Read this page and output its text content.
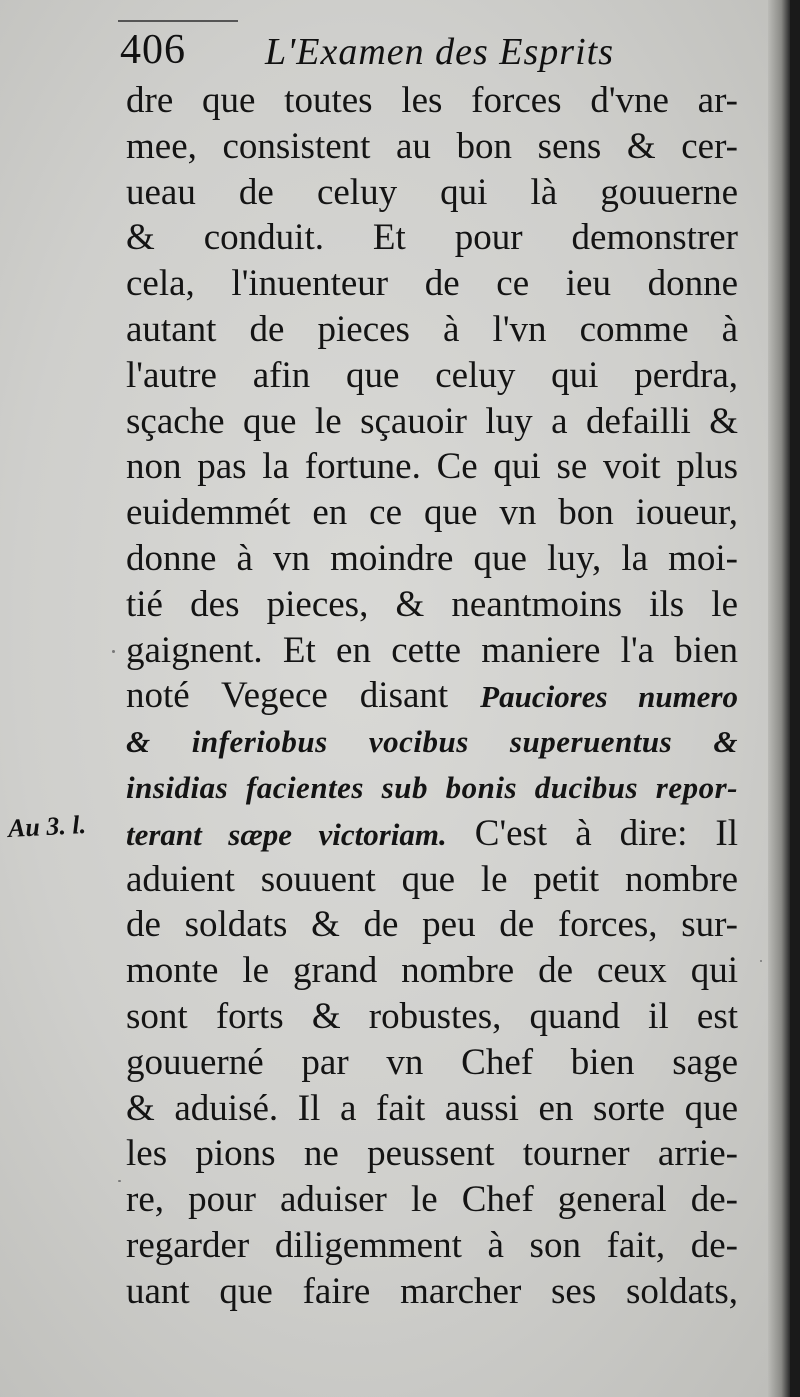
406 L'Examen des Esprits
Au 3. l.
dre que toutes les forces d'vne ar-
mee, consistent au bon sens & cer-
ueau de celuy qui là gouuerne
& conduit. Et pour demonstrer
cela, l'inuenteur de ce ieu donne
autant de pieces à l'vn comme à
l'autre afin que celuy qui perdra,
sçache que le sçauoir luy a defailli &
non pas la fortune. Ce qui se voit plus
euidemmét en ce que vn bon ioueur,
donne à vn moindre que luy, la moi-
tié des pieces, & neantmoins ils le
gaignent. Et en cette maniere l'a bien
noté Vegece disant Pauciores numero
& inferiobus vocibus superuentus &
insidias facientes sub bonis ducibus repor-
terant sæpe victoriam. C'est à dire: Il
aduient souuent que le petit nombre
de soldats & de peu de forces, sur-
monte le grand nombre de ceux qui
sont forts & robustes, quand il est
gouuerné par vn Chef bien sage
& aduisé. Il a fait aussi en sorte que
les pions ne peussent tourner arrie-
re, pour aduiser le Chef general de-
regarder diligemment à son fait, de-
uant que faire marcher ses soldats,
